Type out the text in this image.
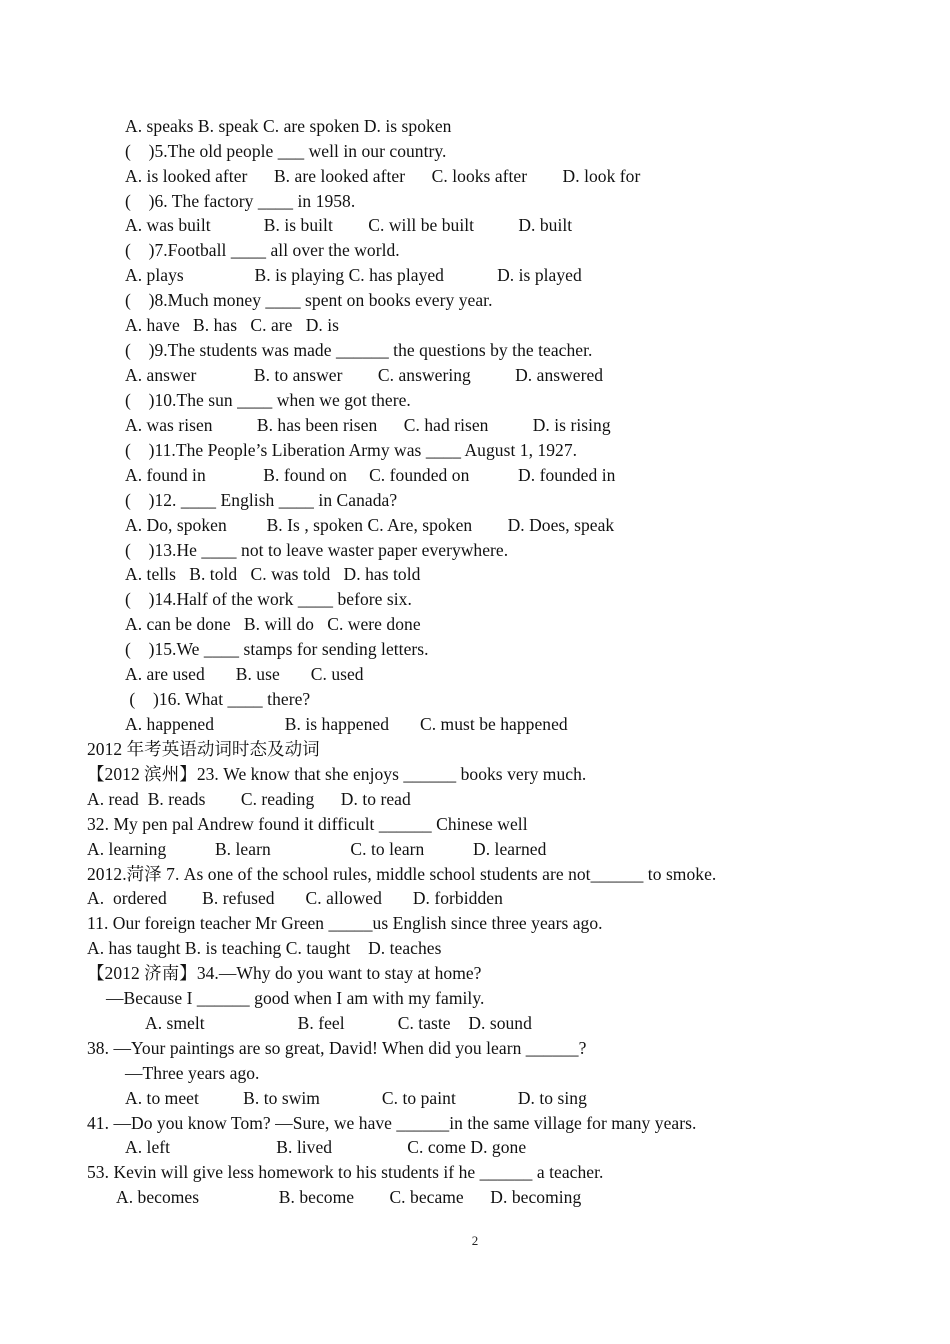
A. speaks B. speak C. are spoken D. is spoken
(    )5.The old people ___ well in our country.
A. is looked after      B. are looked after      C. looks after        D. look for
(    )6. The factory ____ in 1958.
A. was built            B. is built        C. will be built          D. built
(    )7.Football ____ all over the world.
A. plays                B. is playing C. has played            D. is played
(    )8.Much money ____ spent on books every year.
A. have   B. has   C. are   D. is
(    )9.The students was made ______ the questions by the teacher.
A. answer             B. to answer        C. answering          D. answered
(    )10.The sun ____ when we got there.
A. was risen          B. has been risen      C. had risen          D. is rising
(    )11.The People’s Liberation Army was ____ August 1, 1927.
A. found in             B. found on     C. founded on           D. founded in
(    )12. ____ English ____ in Canada?
A. Do, spoken         B. Is , spoken C. Are, spoken        D. Does, speak
(    )13.He ____ not to leave waster paper everywhere.
A. tells   B. told   C. was told   D. has told
(    )14.Half of the work ____ before six.
A. can be done   B. will do   C. were done
(    )15.We ____ stamps for sending letters.
A. are used       B. use       C. used
(    )16. What ____ there?
A. happened                B. is happened       C. must be happened
2012 年考英语动词时态及动词
【2012 滨州】23. We know that she enjoys ______ books very much.
A. read  B. reads        C. reading      D. to read
32. My pen pal Andrew found it difficult ______ Chinese well
A. learning           B. learn                  C. to learn           D. learned
2012.菏泽 7. As one of the school rules, middle school students are not______ to smoke.
A.  ordered        B. refused       C. allowed       D. forbidden
11. Our foreign teacher Mr Green _____us English since three years ago.
A. has taught B. is teaching C. taught    D. teaches
【2012 济南】34.—Why do you want to stay at home?
—Because I ______ good when I am with my family.
A. smelt                     B. feel            C. taste    D. sound
38. —Your paintings are so great, David! When did you learn ______?
—Three years ago.
A. to meet          B. to swim              C. to paint              D. to sing
41. —Do you know Tom? —Sure, we have ______in the same village for many years.
A. left                        B. lived                 C. come D. gone
53. Kevin will give less homework to his students if he ______ a teacher.
A. becomes                  B. become        C. became      D. becoming
2
